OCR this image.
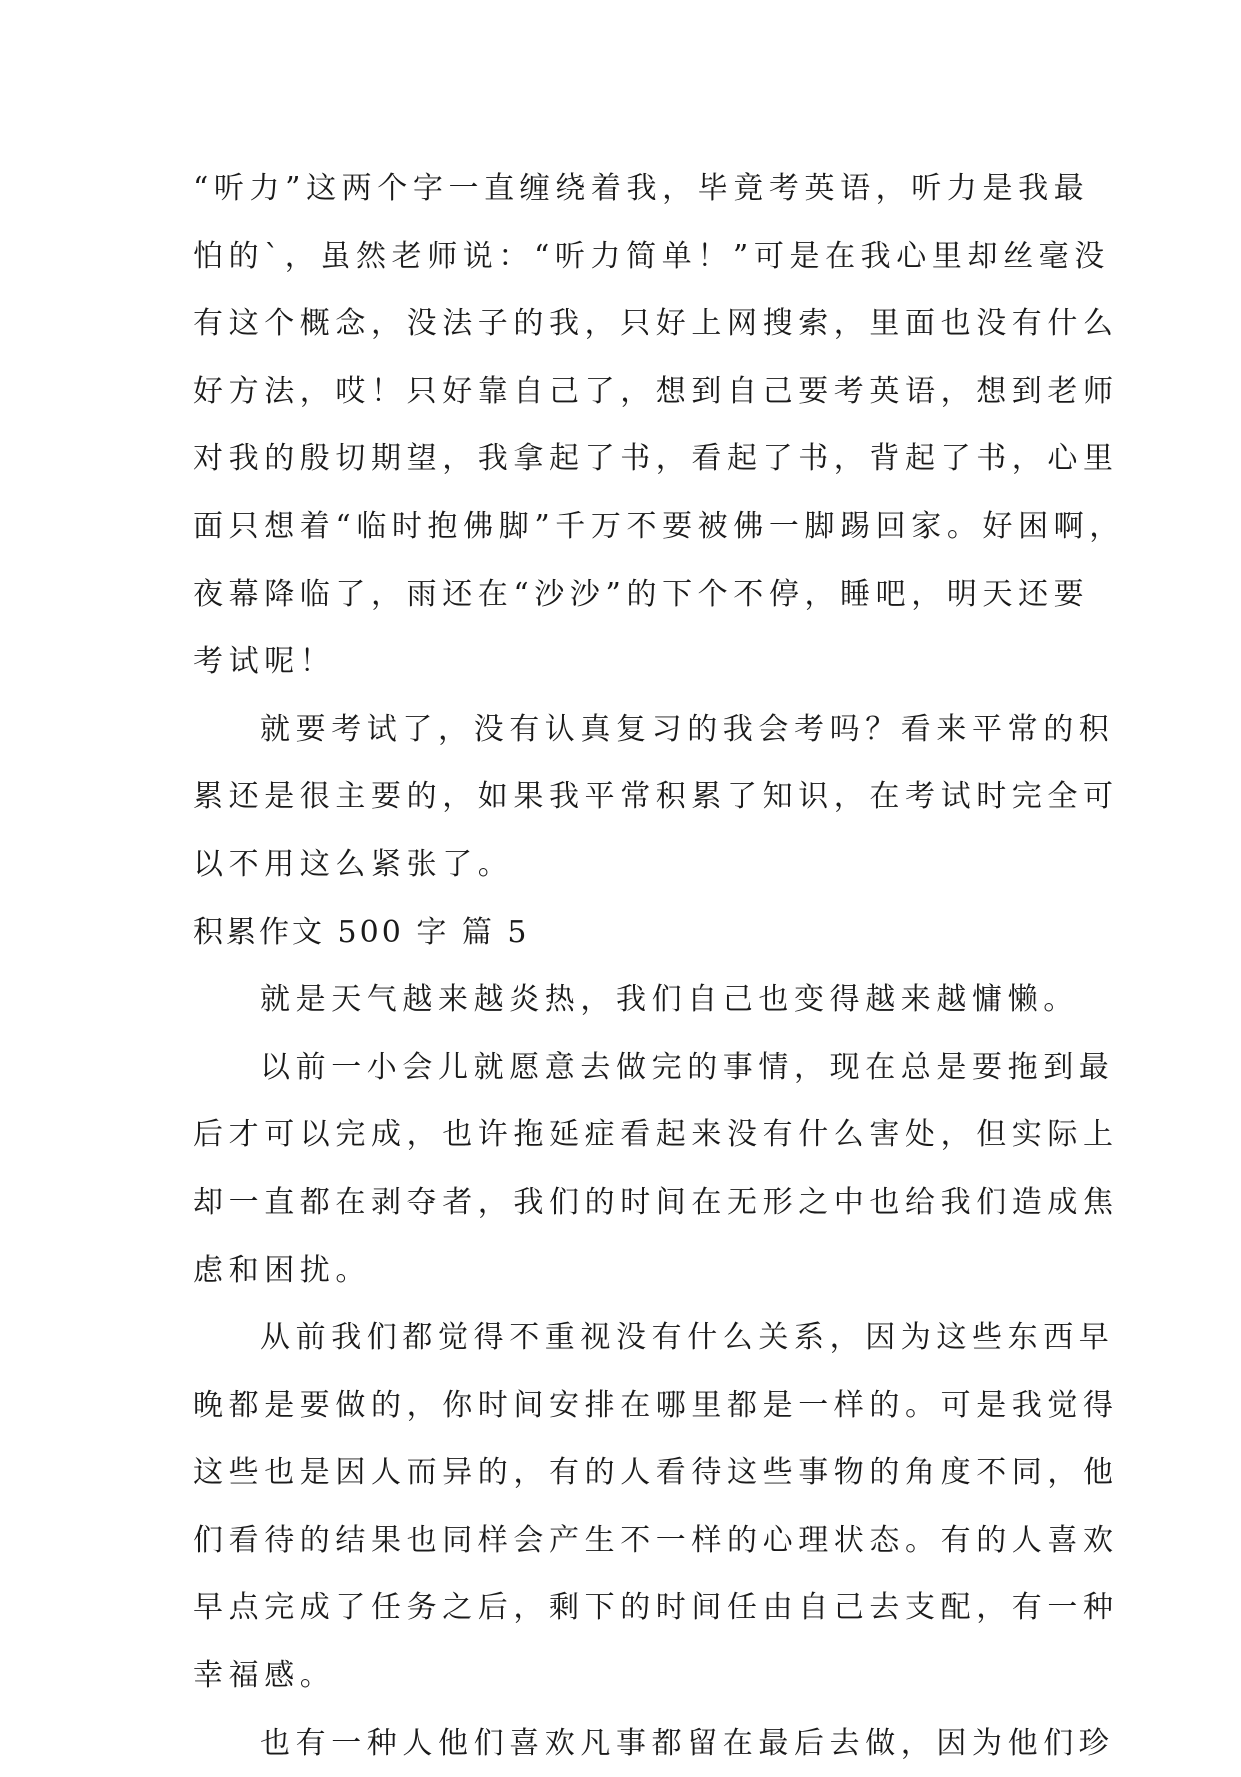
“听力”这两个字一直缠绕着我，毕竟考英语，听力是我最
怕的`，虽然老师说：“听力简单！”可是在我心里却丝毫没
有这个概念，没法子的我，只好上网搜索，里面也没有什么
好方法，哎！只好靠自己了，想到自己要考英语，想到老师
对我的殷切期望，我拿起了书，看起了书，背起了书，心里
面只想着“临时抱佛脚”千万不要被佛一脚踢回家。好困啊，
夜幕降临了，雨还在“沙沙”的下个不停，睡吧，明天还要
考试呢！
就要考试了，没有认真复习的我会考吗？看来平常的积
累还是很主要的，如果我平常积累了知识，在考试时完全可
以不用这么紧张了。
积累作文 500 字 篇 5
就是天气越来越炎热，我们自己也变得越来越慵懒。
以前一小会儿就愿意去做完的事情，现在总是要拖到最
后才可以完成，也许拖延症看起来没有什么害处，但实际上
却一直都在剥夺者，我们的时间在无形之中也给我们造成焦
虑和困扰。
从前我们都觉得不重视没有什么关系，因为这些东西早
晚都是要做的，你时间安排在哪里都是一样的。可是我觉得
这些也是因人而异的，有的人看待这些事物的角度不同，他
们看待的结果也同样会产生不一样的心理状态。有的人喜欢
早点完成了任务之后，剩下的时间任由自己去支配，有一种
幸福感。
也有一种人他们喜欢凡事都留在最后去做，因为他们珍
